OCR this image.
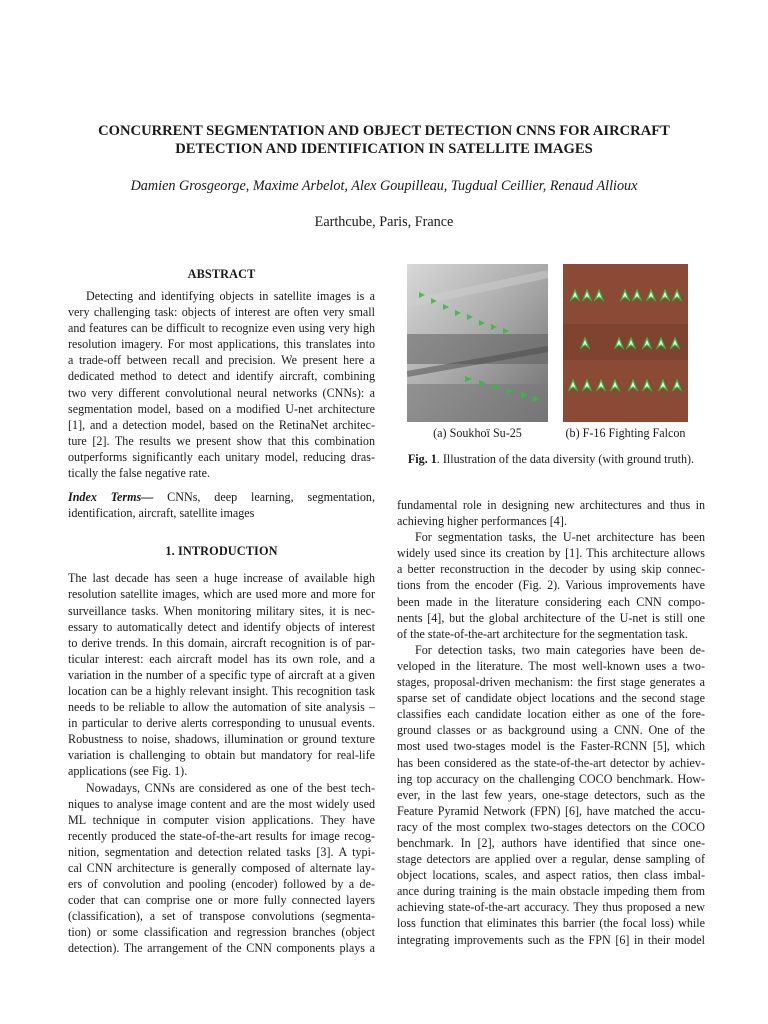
CONCURRENT SEGMENTATION AND OBJECT DETECTION CNNS FOR AIRCRAFT
DETECTION AND IDENTIFICATION IN SATELLITE IMAGES
Damien Grosgeorge, Maxime Arbelot, Alex Goupilleau, Tugdual Ceillier, Renaud Allioux
Earthcube, Paris, France
ABSTRACT

Detecting and identifying objects in satellite images is a
very challenging task: objects of interest are often very small
and features can be difficult to recognize even using very high
resolution imagery. For most applications, this translates into
a trade-off between recall and precision. We present here a
dedicated method to detect and identify aircraft, combining
two very different convolutional neural networks (CNNs): a
segmentation model, based on a modified U-net architecture
[1], and a detection model, based on the RetinaNet architec-
ture [2]. The results we present show that this combination
outperforms significantly each unitary model, reducing dras-
tically the false negative rate.

Index Terms— CNNs, deep learning, segmentation,
identification, aircraft, satellite images

1. INTRODUCTION

The last decade has seen a huge increase of available high
resolution satellite images, which are used more and more for
surveillance tasks. When monitoring military sites, it is nec-
essary to automatically detect and identify objects of interest
to derive trends. In this domain, aircraft recognition is of par-
ticular interest: each aircraft model has its own role, and a
variation in the number of a specific type of aircraft at a given
location can be a highly relevant insight. This recognition task
needs to be reliable to allow the automation of site analysis –
in particular to derive alerts corresponding to unusual events.
Robustness to noise, shadows, illumination or ground texture
variation is challenging to obtain but mandatory for real-life
applications (see Fig. 1).

Nowadays, CNNs are considered as one of the best tech-
niques to analyse image content and are the most widely used
ML technique in computer vision applications. They have
recently produced the state-of-the-art results for image recog-
nition, segmentation and detection related tasks [3]. A typi-
cal CNN architecture is generally composed of alternate lay-
ers of convolution and pooling (encoder) followed by a de-
coder that can comprise one or more fully connected layers
(classification), a set of transpose convolutions (segmenta-
tion) or some classification and regression branches (object
detection). The arrangement of the CNN components plays a

(a) Soukhoï Su-25	(b) F-16 Fighting Falcon
Fig. 1. Illustration of the data diversity (with ground truth).

fundamental role in designing new architectures and thus in
achieving higher performances [4].

For segmentation tasks, the U-net architecture has been
widely used since its creation by [1]. This architecture allows
a better reconstruction in the decoder by using skip connec-
tions from the encoder (Fig. 2). Various improvements have
been made in the literature considering each CNN compo-
nents [4], but the global architecture of the U-net is still one
of the state-of-the-art architecture for the segmentation task.

For detection tasks, two main categories have been de-
veloped in the literature. The most well-known uses a two-
stages, proposal-driven mechanism: the first stage generates a
sparse set of candidate object locations and the second stage
classifies each candidate location either as one of the fore-
ground classes or as background using a CNN. One of the
most used two-stages model is the Faster-RCNN [5], which
has been considered as the state-of-the-art detector by achiev-
ing top accuracy on the challenging COCO benchmark. How-
ever, in the last few years, one-stage detectors, such as the
Feature Pyramid Network (FPN) [6], have matched the accu-
racy of the most complex two-stages detectors on the COCO
benchmark. In [2], authors have identified that since one-
stage detectors are applied over a regular, dense sampling of
object locations, scales, and aspect ratios, then class imbal-
ance during training is the main obstacle impeding them from
achieving state-of-the-art accuracy. They thus proposed a new
loss function that eliminates this barrier (the focal loss) while
integrating improvements such as the FPN [6] in their model
